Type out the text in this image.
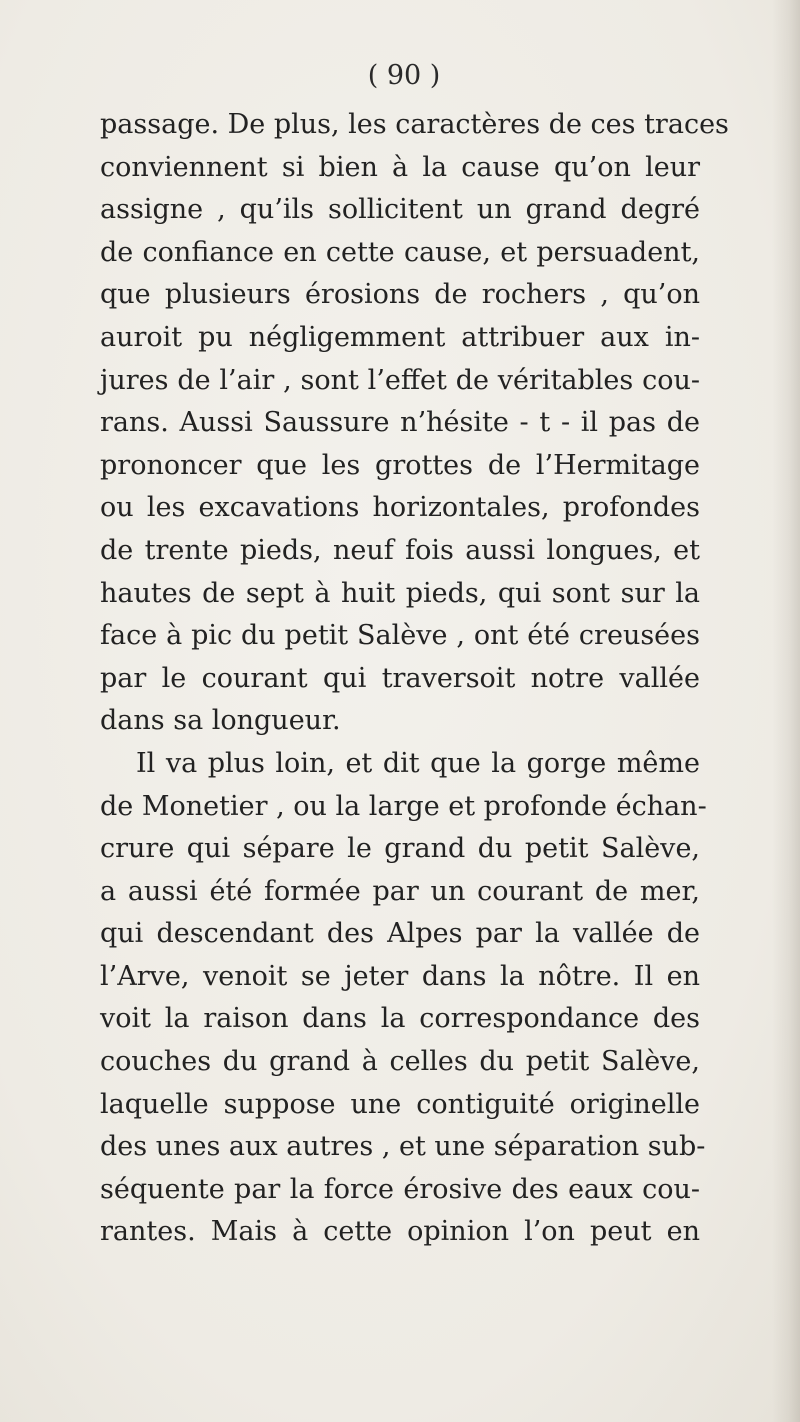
( 90 )

passage. De plus, les caractères de ces traces
conviennent si bien à la cause qu’on leur
assigne , qu’ils sollicitent un grand degré
de confiance en cette cause, et persuadent,
que plusieurs érosions de rochers , qu’on
auroit pu négligemment attribuer aux in-
jures de l’air , sont l’effet de véritables cou-
rans. Aussi Saussure n’hésite - t - il pas de
prononcer que les grottes de l’Hermitage
ou les excavations horizontales, profondes
de trente pieds, neuf fois aussi longues, et
hautes de sept à huit pieds, qui sont sur la
face à pic du petit Salève , ont été creusées
par le courant qui traversoit notre vallée
dans sa longueur.
Il va plus loin, et dit que la gorge même
de Monetier , ou la large et profonde échan-
crure qui sépare le grand du petit Salève,
a aussi été formée par un courant de mer,
qui descendant des Alpes par la vallée de
l’Arve, venoit se jeter dans la nôtre. Il en
voit la raison dans la correspondance des
couches du grand à celles du petit Salève,
laquelle suppose une contiguité originelle
des unes aux autres , et une séparation sub-
séquente par la force érosive des eaux cou-
rantes. Mais à cette opinion l’on peut en
